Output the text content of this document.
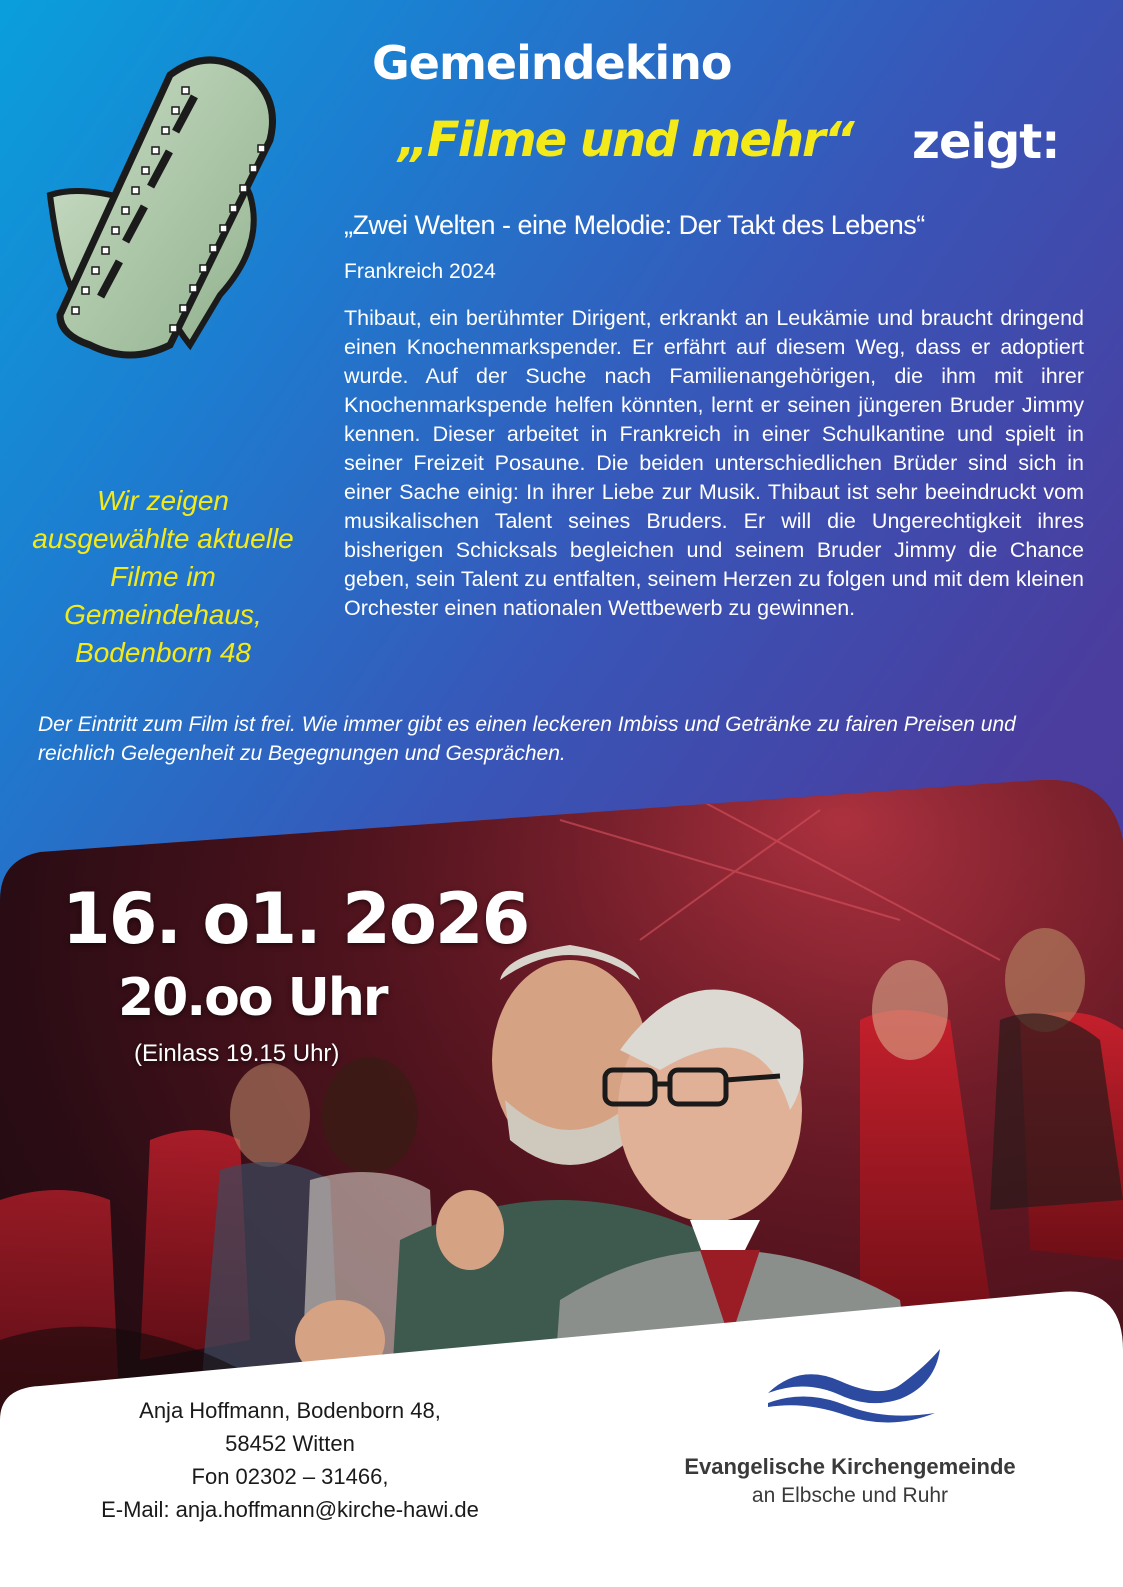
Gemeindekino
„Filme und mehr“ zeigt:
„Zwei Welten - eine Melodie: Der Takt des Lebens“
Frankreich 2024
Thibaut, ein berühmter Dirigent, erkrankt an Leukämie und braucht dringend einen Knochenmarkspender. Er erfährt auf diesem Weg, dass er adoptiert wurde. Auf der Suche nach Familienangehörigen, die ihm mit ihrer Knochenmarkspende helfen könnten, lernt er seinen jüngeren Bruder Jimmy kennen. Dieser arbeitet in Frankreich in einer Schulkantine und spielt in seiner Freizeit Posaune. Die beiden unterschiedlichen Brüder sind sich in einer Sache einig: In ihrer Liebe zur Musik. Thibaut ist sehr beeindruckt vom musikalischen Talent seines Bruders. Er will die Ungerechtigkeit ihres bisherigen Schicksals begleichen und seinem Bruder Jimmy die Chance geben, sein Talent zu entfalten, seinem Herzen zu folgen und mit dem kleinen Orchester einen nationalen Wettbewerb zu gewinnen.
Wir zeigen ausgewählte aktuelle Filme im Gemeindehaus, Bodenborn 48
Der Eintritt zum Film ist frei. Wie immer gibt es einen leckeren Imbiss und Getränke zu fairen Preisen und reichlich Gelegenheit zu Begegnungen und Gesprächen.
16. o1. 2o26
20.oo Uhr
(Einlass 19.15 Uhr)
Anja Hoffmann, Bodenborn 48,
58452 Witten
Fon 02302 – 31466,
E-Mail: anja.hoffmann@kirche-hawi.de
Evangelische Kirchengemeinde
an Elbsche und Ruhr
